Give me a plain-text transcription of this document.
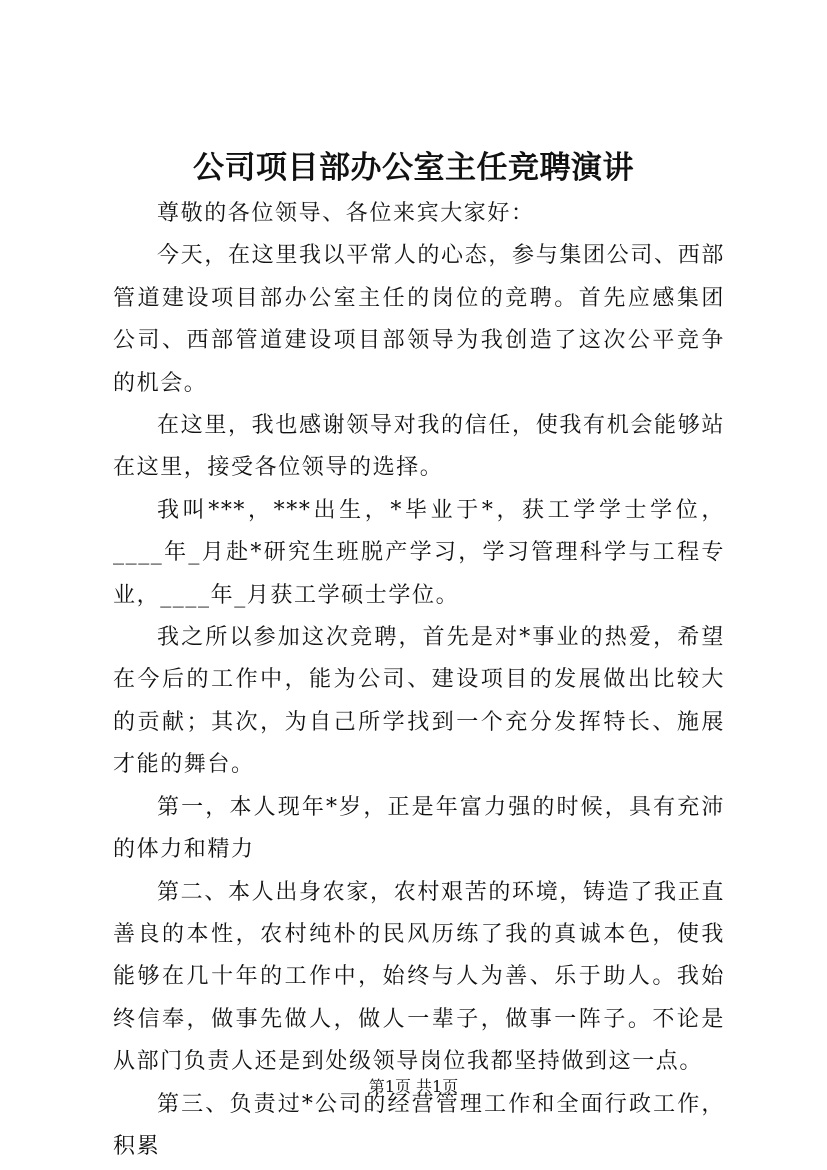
公司项目部办公室主任竞聘演讲

尊敬的各位领导、各位来宾大家好：

今天，在这里我以平常人的心态，参与集团公司、西部管道建设项目部办公室主任的岗位的竞聘。首先应感集团公司、西部管道建设项目部领导为我创造了这次公平竞争的机会。

在这里，我也感谢领导对我的信任，使我有机会能够站在这里，接受各位领导的选择。

我叫***，***出生，*毕业于*，获工学学士学位，____年_月赴*研究生班脱产学习，学习管理科学与工程专业，____年_月获工学硕士学位。

我之所以参加这次竞聘，首先是对*事业的热爱，希望在今后的工作中，能为公司、建设项目的发展做出比较大的贡献；其次，为自己所学找到一个充分发挥特长、施展才能的舞台。

第一，本人现年*岁，正是年富力强的时候，具有充沛的体力和精力

第二、本人出身农家，农村艰苦的环境，铸造了我正直善良的本性，农村纯朴的民风历练了我的真诚本色，使我能够在几十年的工作中，始终与人为善、乐于助人。我始终信奉，做事先做人，做人一辈子，做事一阵子。不论是从部门负责人还是到处级领导岗位我都坚持做到这一点。

第三、负责过*公司的经营管理工作和全面行政工作，积累

第1页 共1页
